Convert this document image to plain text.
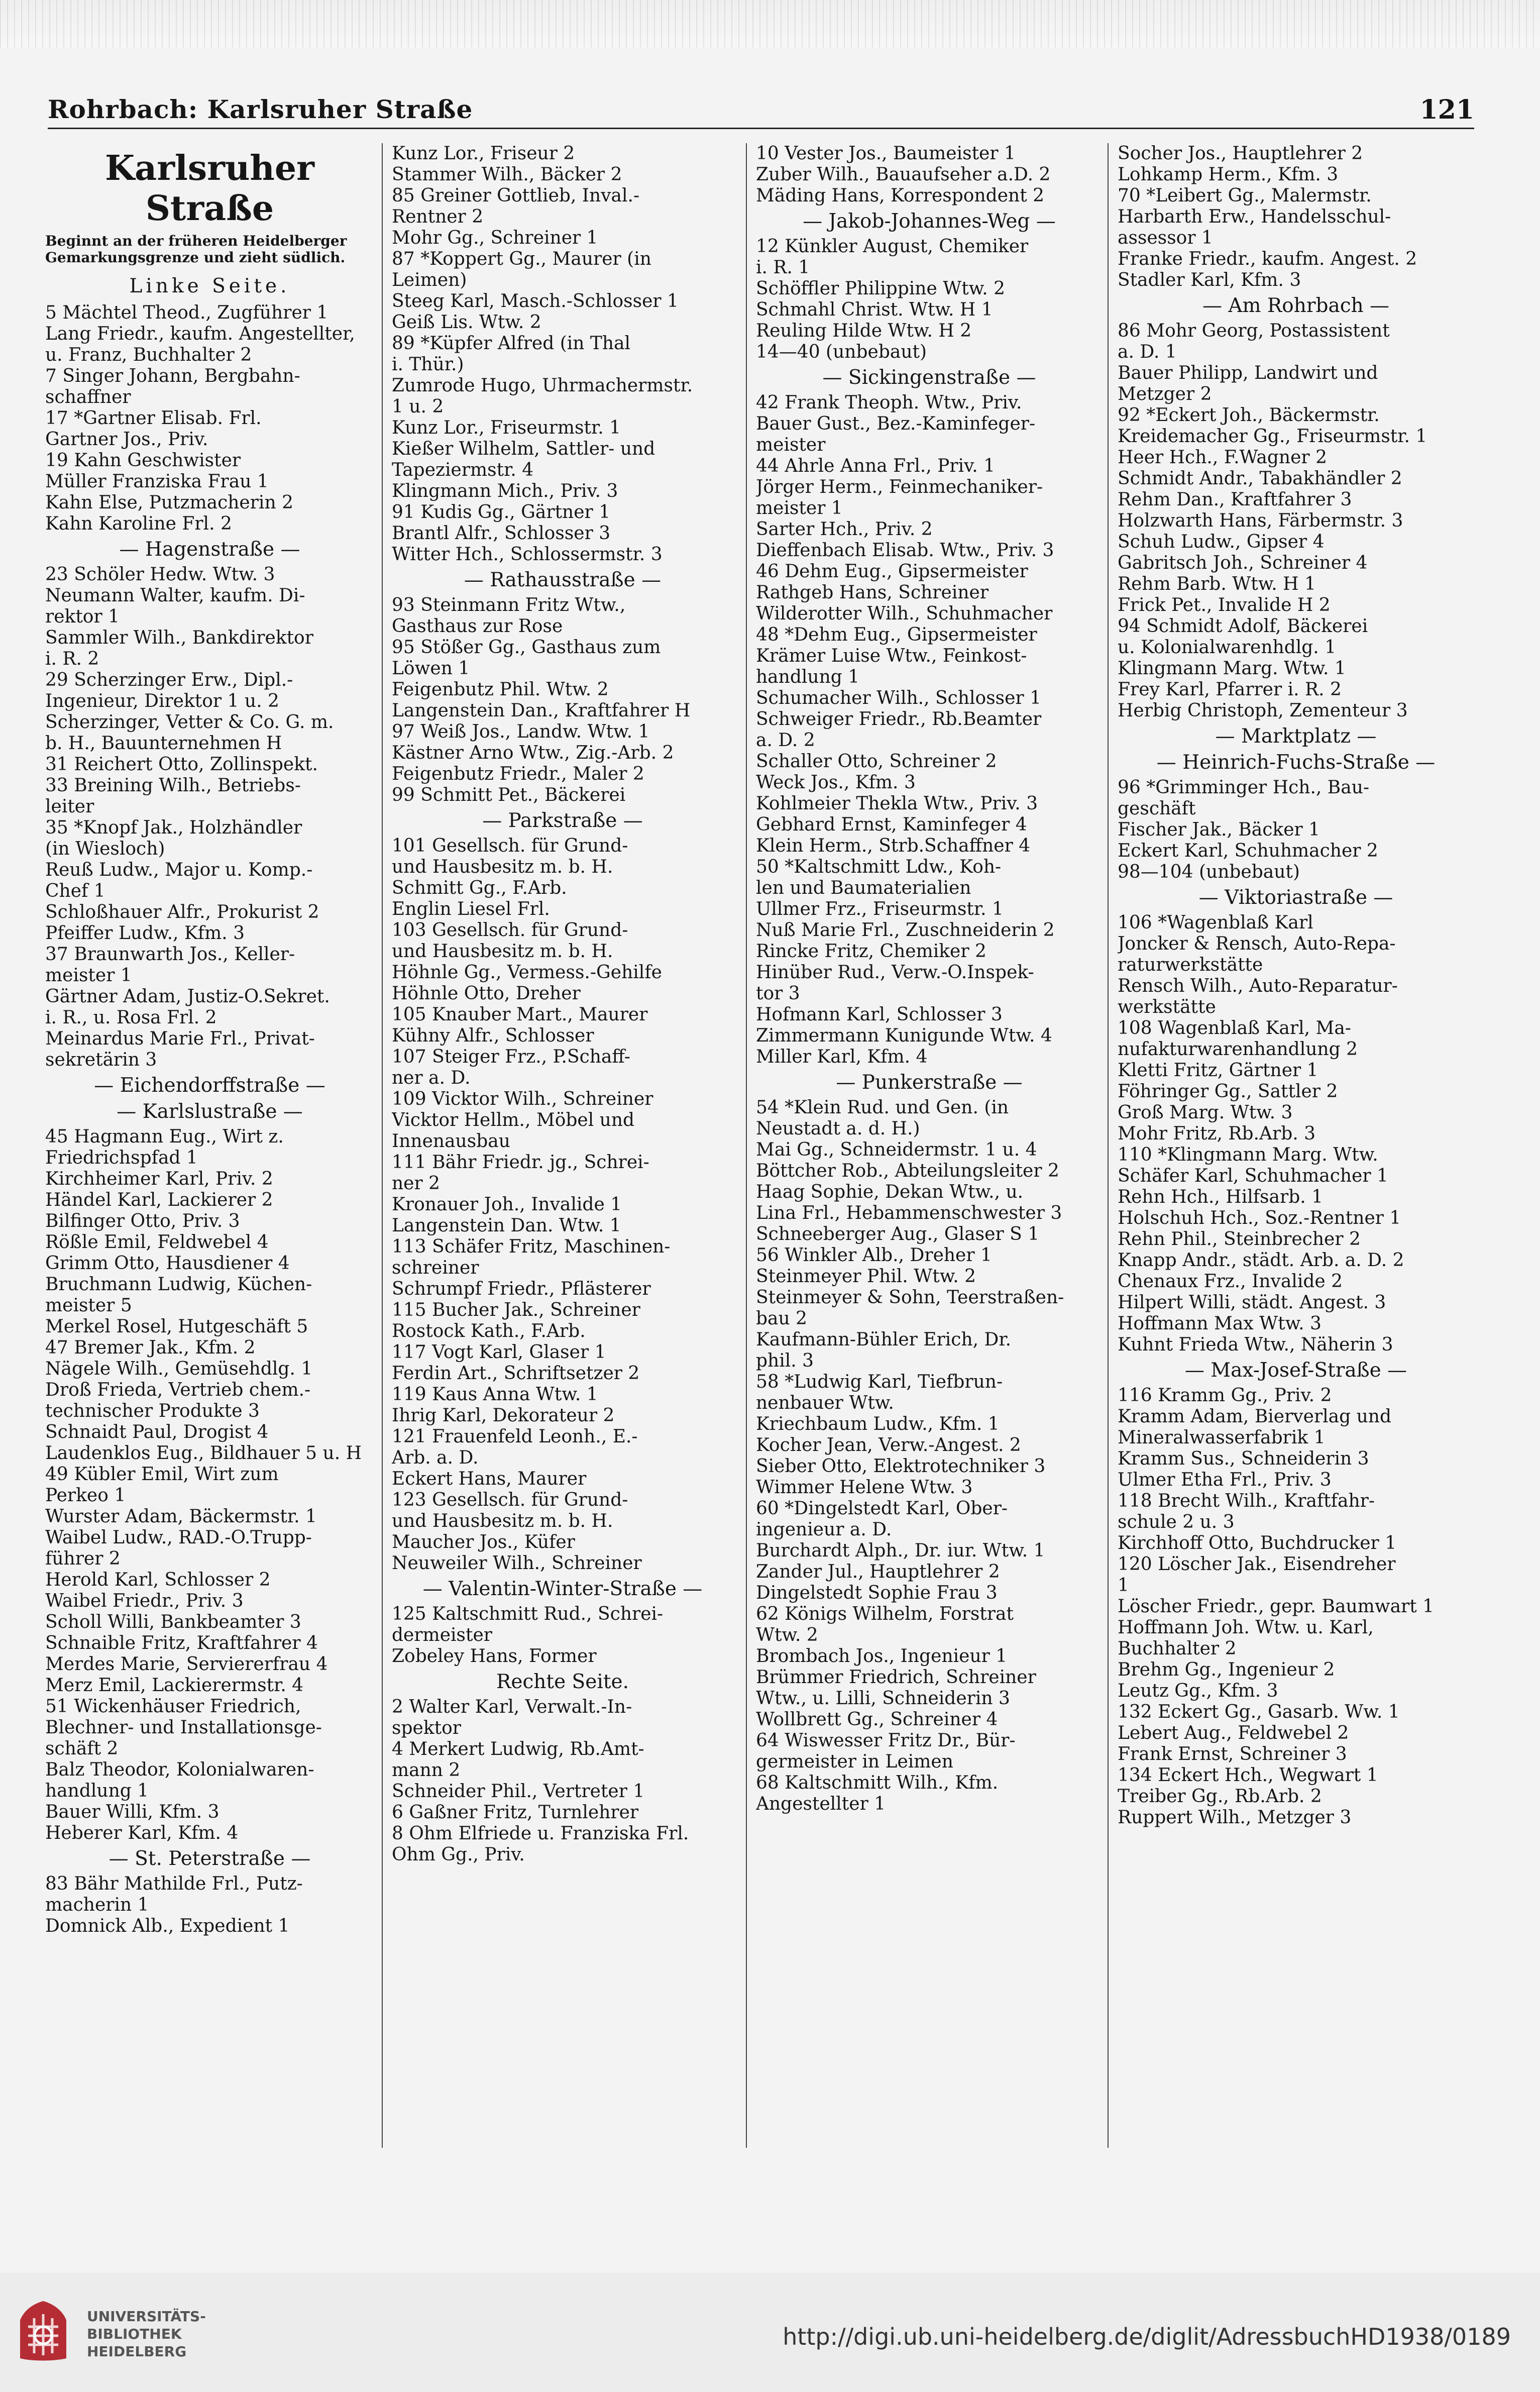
Rohrbach: Karlsruher Straße	121
Karlsruher Straße
Beginnt an der früheren Heidelberger Gemarkungsgrenze und zieht südlich.
Linke Seite.
5 Mächtel Theod., Zugführer 1
Lang Friedr., kaufm. Angestellter,
u. Franz, Buchhalter 2
7 Singer Johann, Bergbahn-
schaffner
17 *Gartner Elisab. Frl.
Gartner Jos., Priv.
19 Kahn Geschwister
Müller Franziska Frau 1
Kahn Else, Putzmacherin 2
Kahn Karoline Frl. 2
— Hagenstraße —
23 Schöler Hedw. Wtw. 3
Neumann Walter, kaufm. Di-
rektor 1
Sammler Wilh., Bankdirektor
i. R. 2
29 Scherzinger Erw., Dipl.-
Ingenieur, Direktor 1 u. 2
Scherzinger, Vetter & Co. G. m.
b. H., Bauunternehmen H
31 Reichert Otto, Zollinspekt.
33 Breining Wilh., Betriebs-
leiter
35 *Knopf Jak., Holzhändler
(in Wiesloch)
Reuß Ludw., Major u. Komp.-
Chef 1
Schloßhauer Alfr., Prokurist 2
Pfeiffer Ludw., Kfm. 3
37 Braunwarth Jos., Keller-
meister 1
Gärtner Adam, Justiz-O.Sekret.
i. R., u. Rosa Frl. 2
Meinardus Marie Frl., Privat-
sekretärin 3
— Eichendorffstraße —
— Karlslustraße —
45 Hagmann Eug., Wirt z.
Friedrichspfad 1
Kirchheimer Karl, Priv. 2
Händel Karl, Lackierer 2
Bilfinger Otto, Priv. 3
Rößle Emil, Feldwebel 4
Grimm Otto, Hausdiener 4
Bruchmann Ludwig, Küchen-
meister 5
Merkel Rosel, Hutgeschäft 5
47 Bremer Jak., Kfm. 2
Nägele Wilh., Gemüsehdlg. 1
Droß Frieda, Vertrieb chem.-
technischer Produkte 3
Schnaidt Paul, Drogist 4
Laudenklos Eug., Bildhauer 5 u. H
49 Kübler Emil, Wirt zum
Perkeo 1
Wurster Adam, Bäckermstr. 1
Waibel Ludw., RAD.-O.Trupp-
führer 2
Herold Karl, Schlosser 2
Waibel Friedr., Priv. 3
Scholl Willi, Bankbeamter 3
Schnaible Fritz, Kraftfahrer 4
Merdes Marie, Serviererfrau 4
Merz Emil, Lackierermstr. 4
51 Wickenhäuser Friedrich,
Blechner- und Installationsge-
schäft 2
Balz Theodor, Kolonialwaren-
handlung 1
Bauer Willi, Kfm. 3
Heberer Karl, Kfm. 4
— St. Peterstraße —
83 Bähr Mathilde Frl., Putz-
macherin 1
Domnick Alb., Expedient 1
Kunz Lor., Friseur 2
Stammer Wilh., Bäcker 2
85 Greiner Gottlieb, Inval.-
Rentner 2
Mohr Gg., Schreiner 1
87 *Koppert Gg., Maurer (in
Leimen)
Steeg Karl, Masch.-Schlosser 1
Geiß Lis. Wtw. 2
89 *Küpfer Alfred (in Thal
i. Thür.)
Zumrode Hugo, Uhrmachermstr.
1 u. 2
Kunz Lor., Friseurmstr. 1
Kießer Wilhelm, Sattler- und
Tapeziermstr. 4
Klingmann Mich., Priv. 3
91 Kudis Gg., Gärtner 1
Brantl Alfr., Schlosser 3
Witter Hch., Schlossermstr. 3
— Rathausstraße —
93 Steinmann Fritz Wtw.,
Gasthaus zur Rose
95 Stößer Gg., Gasthaus zum
Löwen 1
Feigenbutz Phil. Wtw. 2
Langenstein Dan., Kraftfahrer H
97 Weiß Jos., Landw. Wtw. 1
Kästner Arno Wtw., Zig.-Arb. 2
Feigenbutz Friedr., Maler 2
99 Schmitt Pet., Bäckerei
— Parkstraße —
101 Gesellsch. für Grund-
und Hausbesitz m. b. H.
Schmitt Gg., F.Arb.
Englin Liesel Frl.
103 Gesellsch. für Grund-
und Hausbesitz m. b. H.
Höhnle Gg., Vermess.-Gehilfe
Höhnle Otto, Dreher
105 Knauber Mart., Maurer
Kühny Alfr., Schlosser
107 Steiger Frz., P.Schaff-
ner a. D.
109 Vicktor Wilh., Schreiner
Vicktor Hellm., Möbel und
Innenausbau
111 Bähr Friedr. jg., Schrei-
ner 2
Kronauer Joh., Invalide 1
Langenstein Dan. Wtw. 1
113 Schäfer Fritz, Maschinen-
schreiner
Schrumpf Friedr., Pflästerer
115 Bucher Jak., Schreiner
Rostock Kath., F.Arb.
117 Vogt Karl, Glaser 1
Ferdin Art., Schriftsetzer 2
119 Kaus Anna Wtw. 1
Ihrig Karl, Dekorateur 2
121 Frauenfeld Leonh., E.-
Arb. a. D.
Eckert Hans, Maurer
123 Gesellsch. für Grund-
und Hausbesitz m. b. H.
Maucher Jos., Küfer
Neuweiler Wilh., Schreiner
— Valentin-Winter-Straße —
125 Kaltschmitt Rud., Schrei-
dermeister
Zobeley Hans, Former
Rechte Seite.
2 Walter Karl, Verwalt.-In-
spektor
4 Merkert Ludwig, Rb.Amt-
mann 2
Schneider Phil., Vertreter 1
6 Gaßner Fritz, Turnlehrer
8 Ohm Elfriede u. Franziska Frl.
Ohm Gg., Priv.
10 Vester Jos., Baumeister 1
Zuber Wilh., Bauaufseher a.D. 2
Mäding Hans, Korrespondent 2
— Jakob-Johannes-Weg —
12 Künkler August, Chemiker
i. R. 1
Schöffler Philippine Wtw. 2
Schmahl Christ. Wtw. H 1
Reuling Hilde Wtw. H 2
14—40 (unbebaut)
— Sickingenstraße —
42 Frank Theoph. Wtw., Priv.
Bauer Gust., Bez.-Kaminfeger-
meister
44 Ahrle Anna Frl., Priv. 1
Jörger Herm., Feinmechaniker-
meister 1
Sarter Hch., Priv. 2
Dieffenbach Elisab. Wtw., Priv. 3
46 Dehm Eug., Gipsermeister
Rathgeb Hans, Schreiner
Wilderotter Wilh., Schuhmacher
48 *Dehm Eug., Gipsermeister
Krämer Luise Wtw., Feinkost-
handlung 1
Schumacher Wilh., Schlosser 1
Schweiger Friedr., Rb.Beamter
a. D. 2
Schaller Otto, Schreiner 2
Weck Jos., Kfm. 3
Kohlmeier Thekla Wtw., Priv. 3
Gebhard Ernst, Kaminfeger 4
Klein Herm., Strb.Schaffner 4
50 *Kaltschmitt Ldw., Koh-
len und Baumaterialien
Ullmer Frz., Friseurmstr. 1
Nuß Marie Frl., Zuschneiderin 2
Rincke Fritz, Chemiker 2
Hinüber Rud., Verw.-O.Inspek-
tor 3
Hofmann Karl, Schlosser 3
Zimmermann Kunigunde Wtw. 4
Miller Karl, Kfm. 4
— Punkerstraße —
54 *Klein Rud. und Gen. (in
Neustadt a. d. H.)
Mai Gg., Schneidermstr. 1 u. 4
Böttcher Rob., Abteilungsleiter 2
Haag Sophie, Dekan Wtw., u.
Lina Frl., Hebammenschwester 3
Schneeberger Aug., Glaser S 1
56 Winkler Alb., Dreher 1
Steinmeyer Phil. Wtw. 2
Steinmeyer & Sohn, Teerstraßen-
bau 2
Kaufmann-Bühler Erich, Dr.
phil. 3
58 *Ludwig Karl, Tiefbrun-
nenbauer Wtw.
Kriechbaum Ludw., Kfm. 1
Kocher Jean, Verw.-Angest. 2
Sieber Otto, Elektrotechniker 3
Wimmer Helene Wtw. 3
60 *Dingelstedt Karl, Ober-
ingenieur a. D.
Burchardt Alph., Dr. iur. Wtw. 1
Zander Jul., Hauptlehrer 2
Dingelstedt Sophie Frau 3
62 Königs Wilhelm, Forstrat
Wtw. 2
Brombach Jos., Ingenieur 1
Brümmer Friedrich, Schreiner
Wtw., u. Lilli, Schneiderin 3
Wollbrett Gg., Schreiner 4
64 Wiswesser Fritz Dr., Bür-
germeister in Leimen
68 Kaltschmitt Wilh., Kfm.
Angestellter 1
Socher Jos., Hauptlehrer 2
Lohkamp Herm., Kfm. 3
70 *Leibert Gg., Malermstr.
Harbarth Erw., Handelsschul-
assessor 1
Franke Friedr., kaufm. Angest. 2
Stadler Karl, Kfm. 3
— Am Rohrbach —
86 Mohr Georg, Postassistent
a. D. 1
Bauer Philipp, Landwirt und
Metzger 2
92 *Eckert Joh., Bäckermstr.
Kreidemacher Gg., Friseurmstr. 1
Heer Hch., F.Wagner 2
Schmidt Andr., Tabakhändler 2
Rehm Dan., Kraftfahrer 3
Holzwarth Hans, Färbermstr. 3
Schuh Ludw., Gipser 4
Gabritsch Joh., Schreiner 4
Rehm Barb. Wtw. H 1
Frick Pet., Invalide H 2
94 Schmidt Adolf, Bäckerei
u. Kolonialwarenhdlg. 1
Klingmann Marg. Wtw. 1
Frey Karl, Pfarrer i. R. 2
Herbig Christoph, Zementeur 3
— Marktplatz —
— Heinrich-Fuchs-Straße —
96 *Grimminger Hch., Bau-
geschäft
Fischer Jak., Bäcker 1
Eckert Karl, Schuhmacher 2
98—104 (unbebaut)
— Viktoriastraße —
106 *Wagenblaß Karl
Joncker & Rensch, Auto-Repa-
raturwerkstätte
Rensch Wilh., Auto-Reparatur-
werkstätte
108 Wagenblaß Karl, Ma-
nufakturwarenhandlung 2
Kletti Fritz, Gärtner 1
Föhringer Gg., Sattler 2
Groß Marg. Wtw. 3
Mohr Fritz, Rb.Arb. 3
110 *Klingmann Marg. Wtw.
Schäfer Karl, Schuhmacher 1
Rehn Hch., Hilfsarb. 1
Holschuh Hch., Soz.-Rentner 1
Rehn Phil., Steinbrecher 2
Knapp Andr., städt. Arb. a. D. 2
Chenaux Frz., Invalide 2
Hilpert Willi, städt. Angest. 3
Hoffmann Max Wtw. 3
Kuhnt Frieda Wtw., Näherin 3
— Max-Josef-Straße —
116 Kramm Gg., Priv. 2
Kramm Adam, Bierverlag und
Mineralwasserfabrik 1
Kramm Sus., Schneiderin 3
Ulmer Etha Frl., Priv. 3
118 Brecht Wilh., Kraftfahr-
schule 2 u. 3
Kirchhoff Otto, Buchdrucker 1
120 Löscher Jak., Eisendreher
1
Löscher Friedr., gepr. Baumwart 1
Hoffmann Joh. Wtw. u. Karl,
Buchhalter 2
Brehm Gg., Ingenieur 2
Leutz Gg., Kfm. 3
132 Eckert Gg., Gasarb. Ww. 1
Lebert Aug., Feldwebel 2
Frank Ernst, Schreiner 3
134 Eckert Hch., Wegwart 1
Treiber Gg., Rb.Arb. 2
Ruppert Wilh., Metzger 3
UNIVERSITÄTS-
BIBLIOTHEK
HEIDELBERG
http://digi.ub.uni-heidelberg.de/diglit/AdressbuchHD1938/0189
